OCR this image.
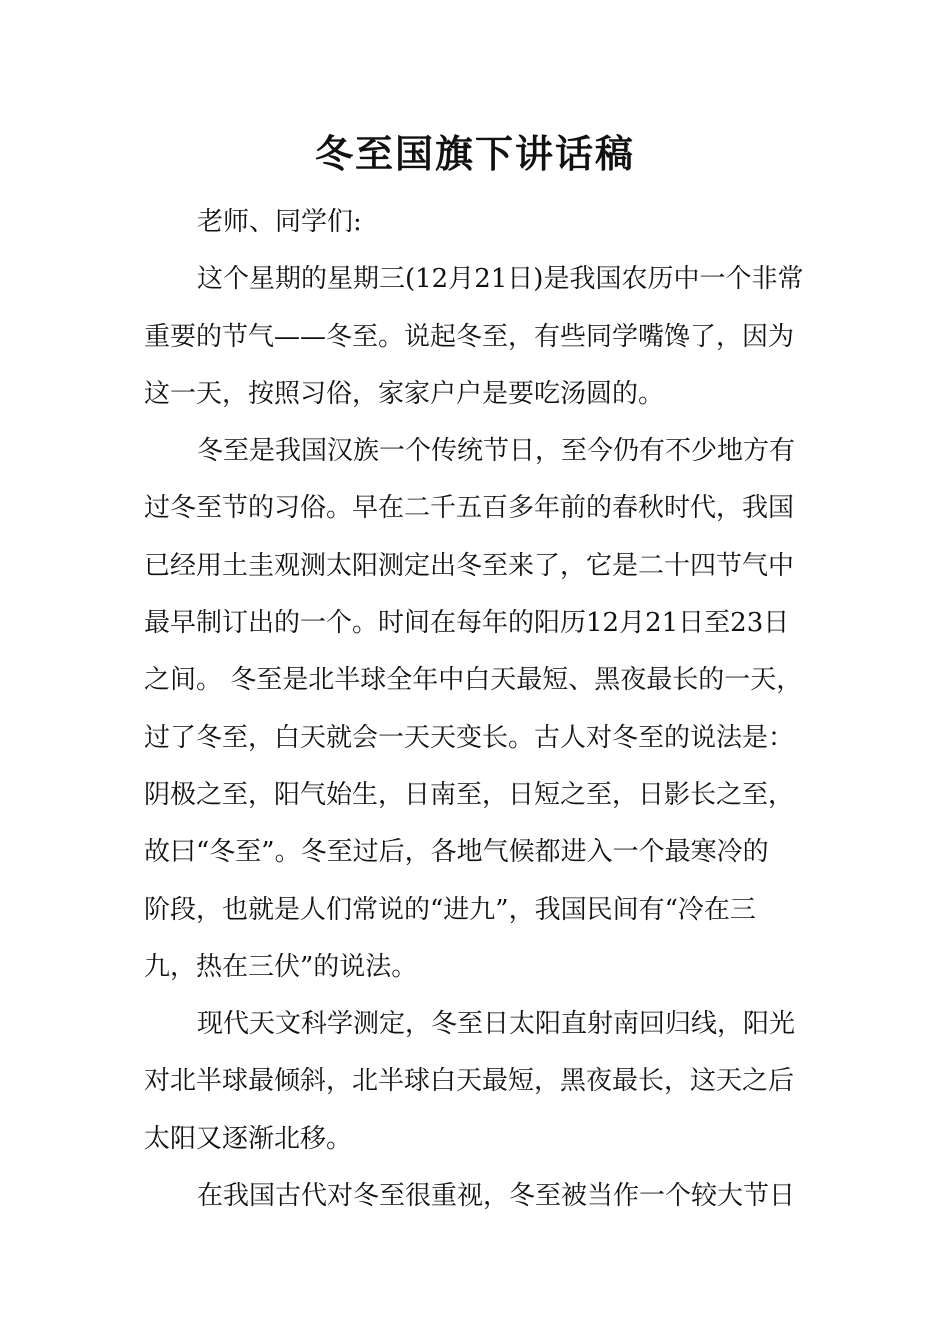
冬至国旗下讲话稿
老师、同学们:
这个星期的星期三(12月21日)是我国农历中一个非常
重要的节气——冬至。说起冬至，有些同学嘴馋了，因为
这一天，按照习俗，家家户户是要吃汤圆的。
冬至是我国汉族一个传统节日，至今仍有不少地方有
过冬至节的习俗。早在二千五百多年前的春秋时代，我国
已经用土圭观测太阳测定出冬至来了，它是二十四节气中
最早制订出的一个。时间在每年的阳历12月21日至23日
之间。 冬至是北半球全年中白天最短、黑夜最长的一天，
过了冬至，白天就会一天天变长。古人对冬至的说法是：
阴极之至，阳气始生，日南至，日短之至，日影长之至，
故曰“冬至”。冬至过后，各地气候都进入一个最寒冷的
阶段，也就是人们常说的“进九”，我国民间有“冷在三
九，热在三伏”的说法。
现代天文科学测定，冬至日太阳直射南回归线，阳光
对北半球最倾斜，北半球白天最短，黑夜最长，这天之后
太阳又逐渐北移。
在我国古代对冬至很重视，冬至被当作一个较大节日
